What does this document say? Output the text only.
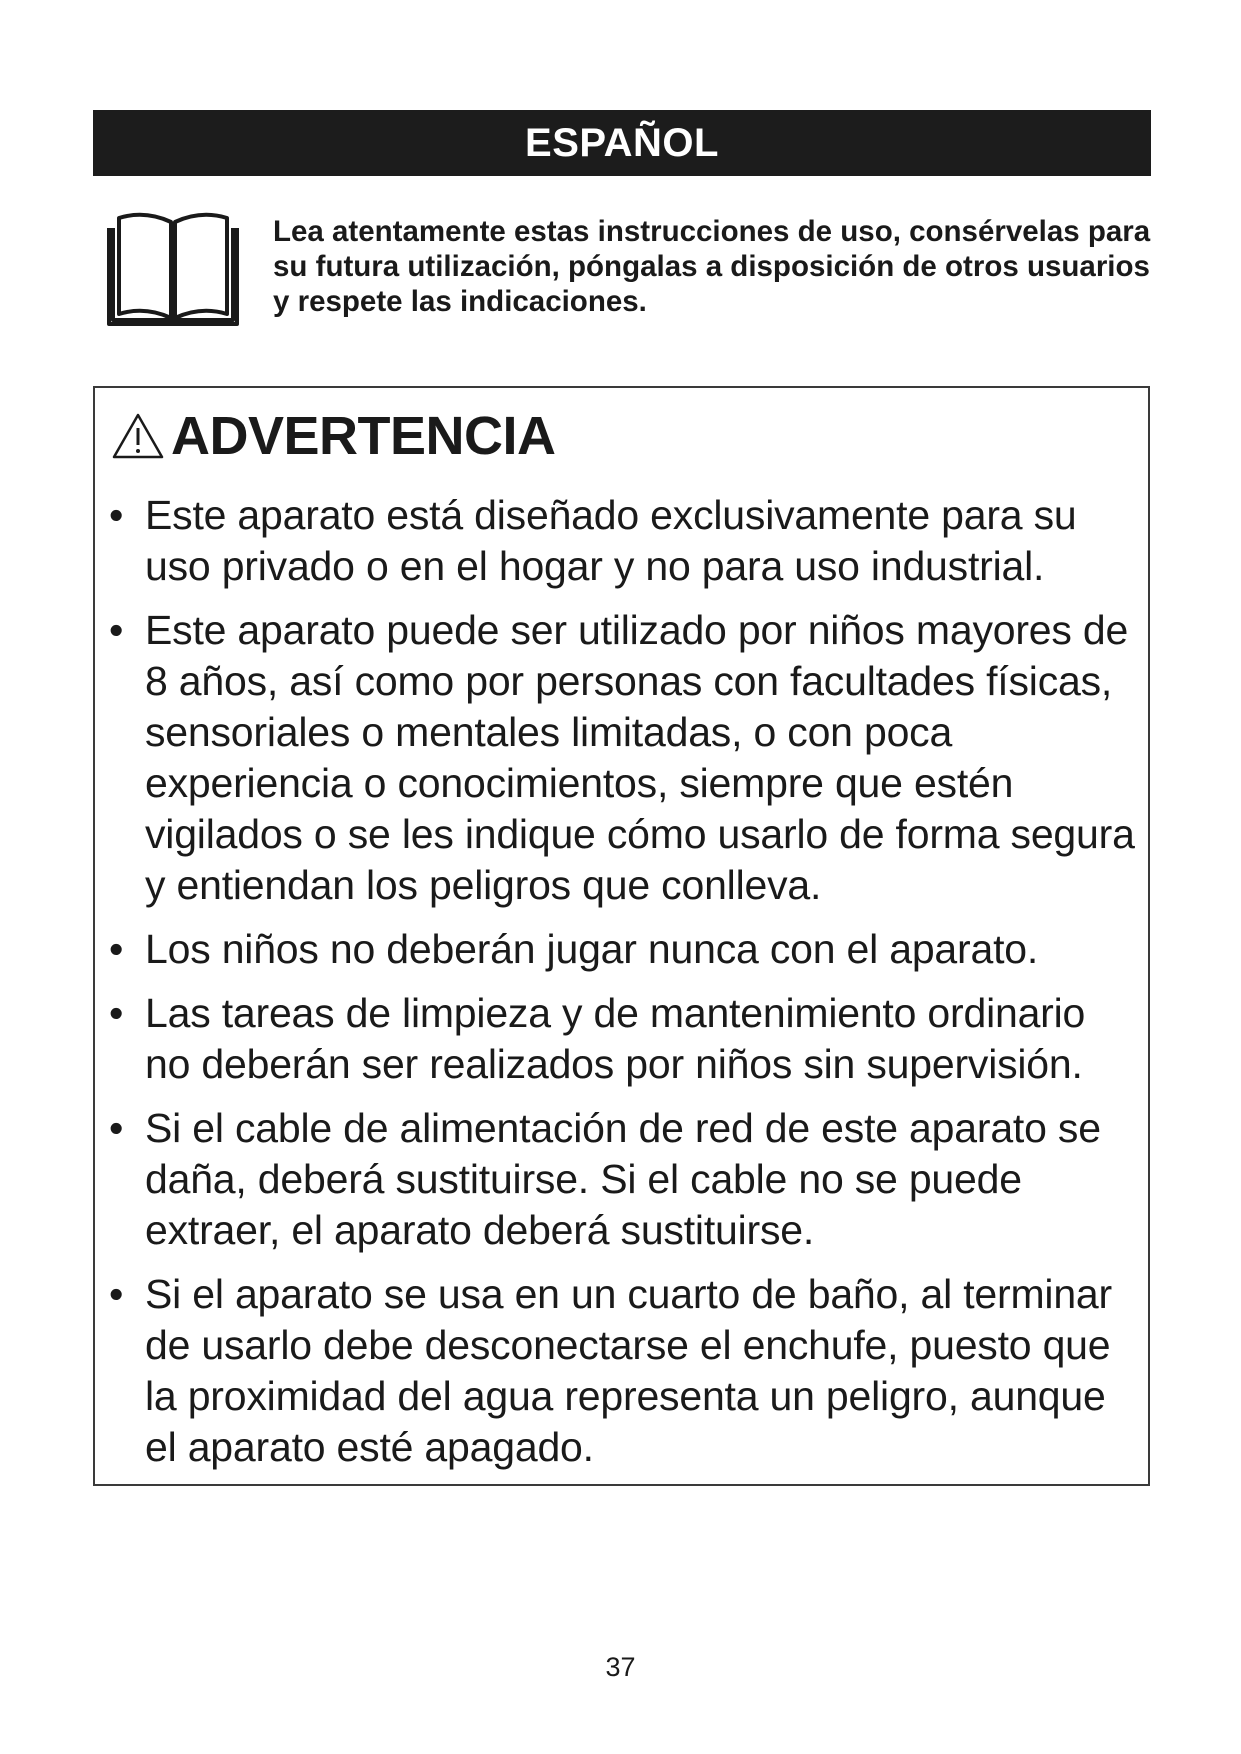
ESPAÑOL
Lea atentamente estas instrucciones de uso, consérvelas para su futura utilización, póngalas a disposición de otros usuarios y respete las indicaciones.
ADVERTENCIA
• Este aparato está diseñado exclusivamente para su uso privado o en el hogar y no para uso industrial.
• Este aparato puede ser utilizado por niños mayores de 8 años, así como por personas con facultades físicas, sensoriales o mentales limitadas, o con poca experiencia o conocimientos, siempre que estén vigilados o se les indique cómo usarlo de forma segura y entiendan los peligros que conlleva.
• Los niños no deberán jugar nunca con el aparato.
• Las tareas de limpieza y de mantenimiento ordinario no deberán ser realizados por niños sin supervisión.
• Si el cable de alimentación de red de este aparato se daña, deberá sustituirse. Si el cable no se puede extraer, el aparato deberá sustituirse.
• Si el aparato se usa en un cuarto de baño, al terminar de usarlo debe desconectarse el enchufe, puesto que la proximidad del agua representa un peligro, aunque el aparato esté apagado.
37
